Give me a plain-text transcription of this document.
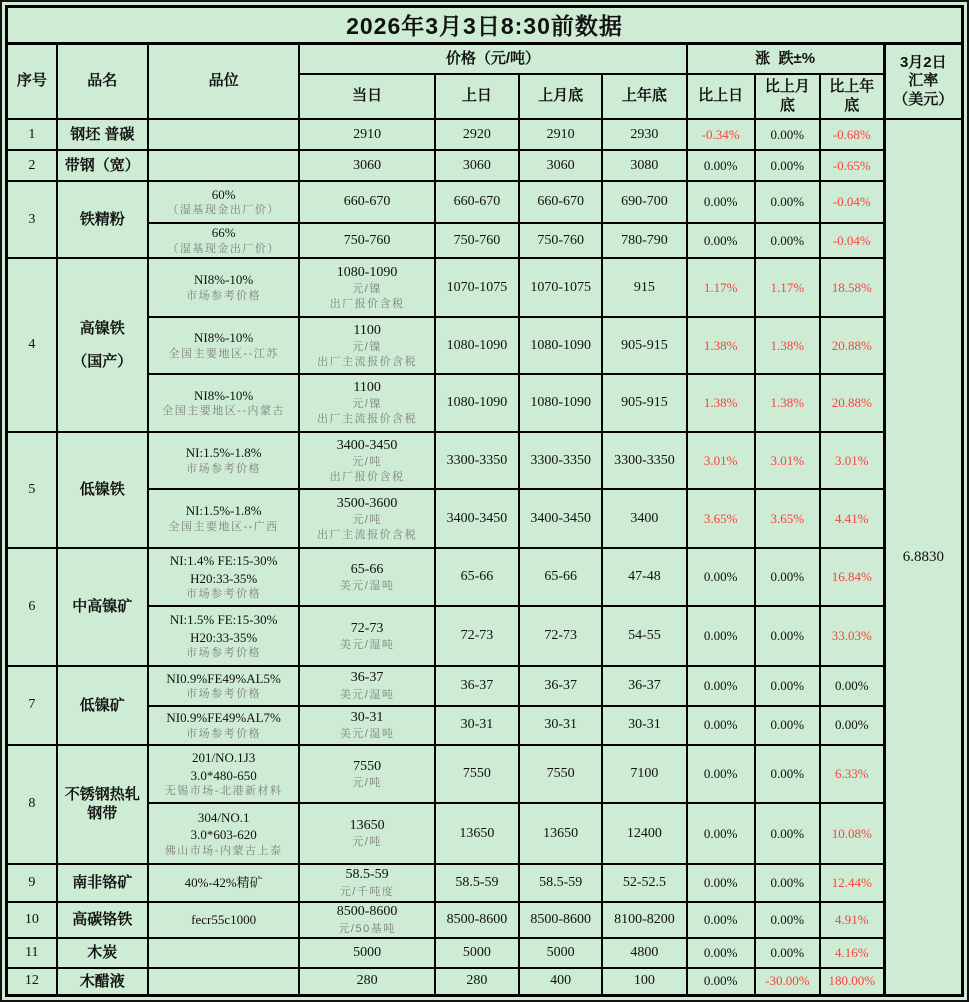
2026年3月3日8:30前数据										
序号	品名	品位	价格（元/吨）				涨  跌±%			3月2日
汇率
（美元）

			当日	上日	上月底	上年底	比上日	比上月底	比上年底	
1	钢坯 普碳		2910	2920	2910	2930	-0.34%	0.00%	-0.68%	6.8830
2	带钢（宽）		3060	3060	3060	3080	0.00%	0.00%	-0.65%	
3	铁精粉	60%
（湿基现金出厂价）	660-670	660-670	660-670	690-700	0.00%	0.00%	-0.04%	

		66%
（湿基现金出厂价）	750-760	750-760	750-760	780-790	0.00%	0.00%	-0.04%	
4	高镍铁
（国产）	NI8%-10%
市场参考价格	1080-1090
元/镍
出厂报价含税	1070-1075	1070-1075	915	1.17%	1.17%	18.58%	

		NI8%-10%
全国主要地区--江苏	1100
元/镍
出厂主流报价含税	1080-1090	1080-1090	905-915	1.38%	1.38%	20.88%	

		NI8%-10%
全国主要地区--内蒙古	1100
元/镍
出厂主流报价含税	1080-1090	1080-1090	905-915	1.38%	1.38%	20.88%	
5	低镍铁	NI:1.5%-1.8%
市场参考价格	3400-3450
元/吨
出厂报价含税	3300-3350	3300-3350	3300-3350	3.01%	3.01%	3.01%	

		NI:1.5%-1.8%
全国主要地区--广西	3500-3600
元/吨
出厂主流报价含税	3400-3450	3400-3450	3400	3.65%	3.65%	4.41%	
6	中高镍矿	NI:1.4% FE:15-30%
H20:33-35%
市场参考价格	65-66
美元/湿吨	65-66	65-66	47-48	0.00%	0.00%	16.84%	

		NI:1.5% FE:15-30%
H20:33-35%
市场参考价格	72-73
美元/湿吨	72-73	72-73	54-55	0.00%	0.00%	33.03%	
7	低镍矿	NI0.9%FE49%AL5%
市场参考价格	36-37
美元/湿吨	36-37	36-37	36-37	0.00%	0.00%	0.00%	

		NI0.9%FE49%AL7%
市场参考价格	30-31
美元/湿吨	30-31	30-31	30-31	0.00%	0.00%	0.00%	
8	不锈钢热轧
钢带	201/NO.1J3
3.0*480-650
无锡市场-北港新材料	7550
元/吨	7550	7550	7100	0.00%	0.00%	6.33%	

		304/NO.1
3.0*603-620
佛山市场-内蒙古上泰	13650
元/吨	13650	13650	12400	0.00%	0.00%	10.08%	
9	南非铬矿	40%-42%精矿	58.5-59
元/千吨度	58.5-59	58.5-59	52-52.5	0.00%	0.00%	12.44%	
10	高碳铬铁	fecr55c1000	8500-8600
元/50基吨	8500-8600	8500-8600	8100-8200	0.00%	0.00%	4.91%	
11	木炭		5000	5000	5000	4800	0.00%	0.00%	4.16%	
12	木醋液		280	280	400	100	0.00%	-30.00%	180.00%	
